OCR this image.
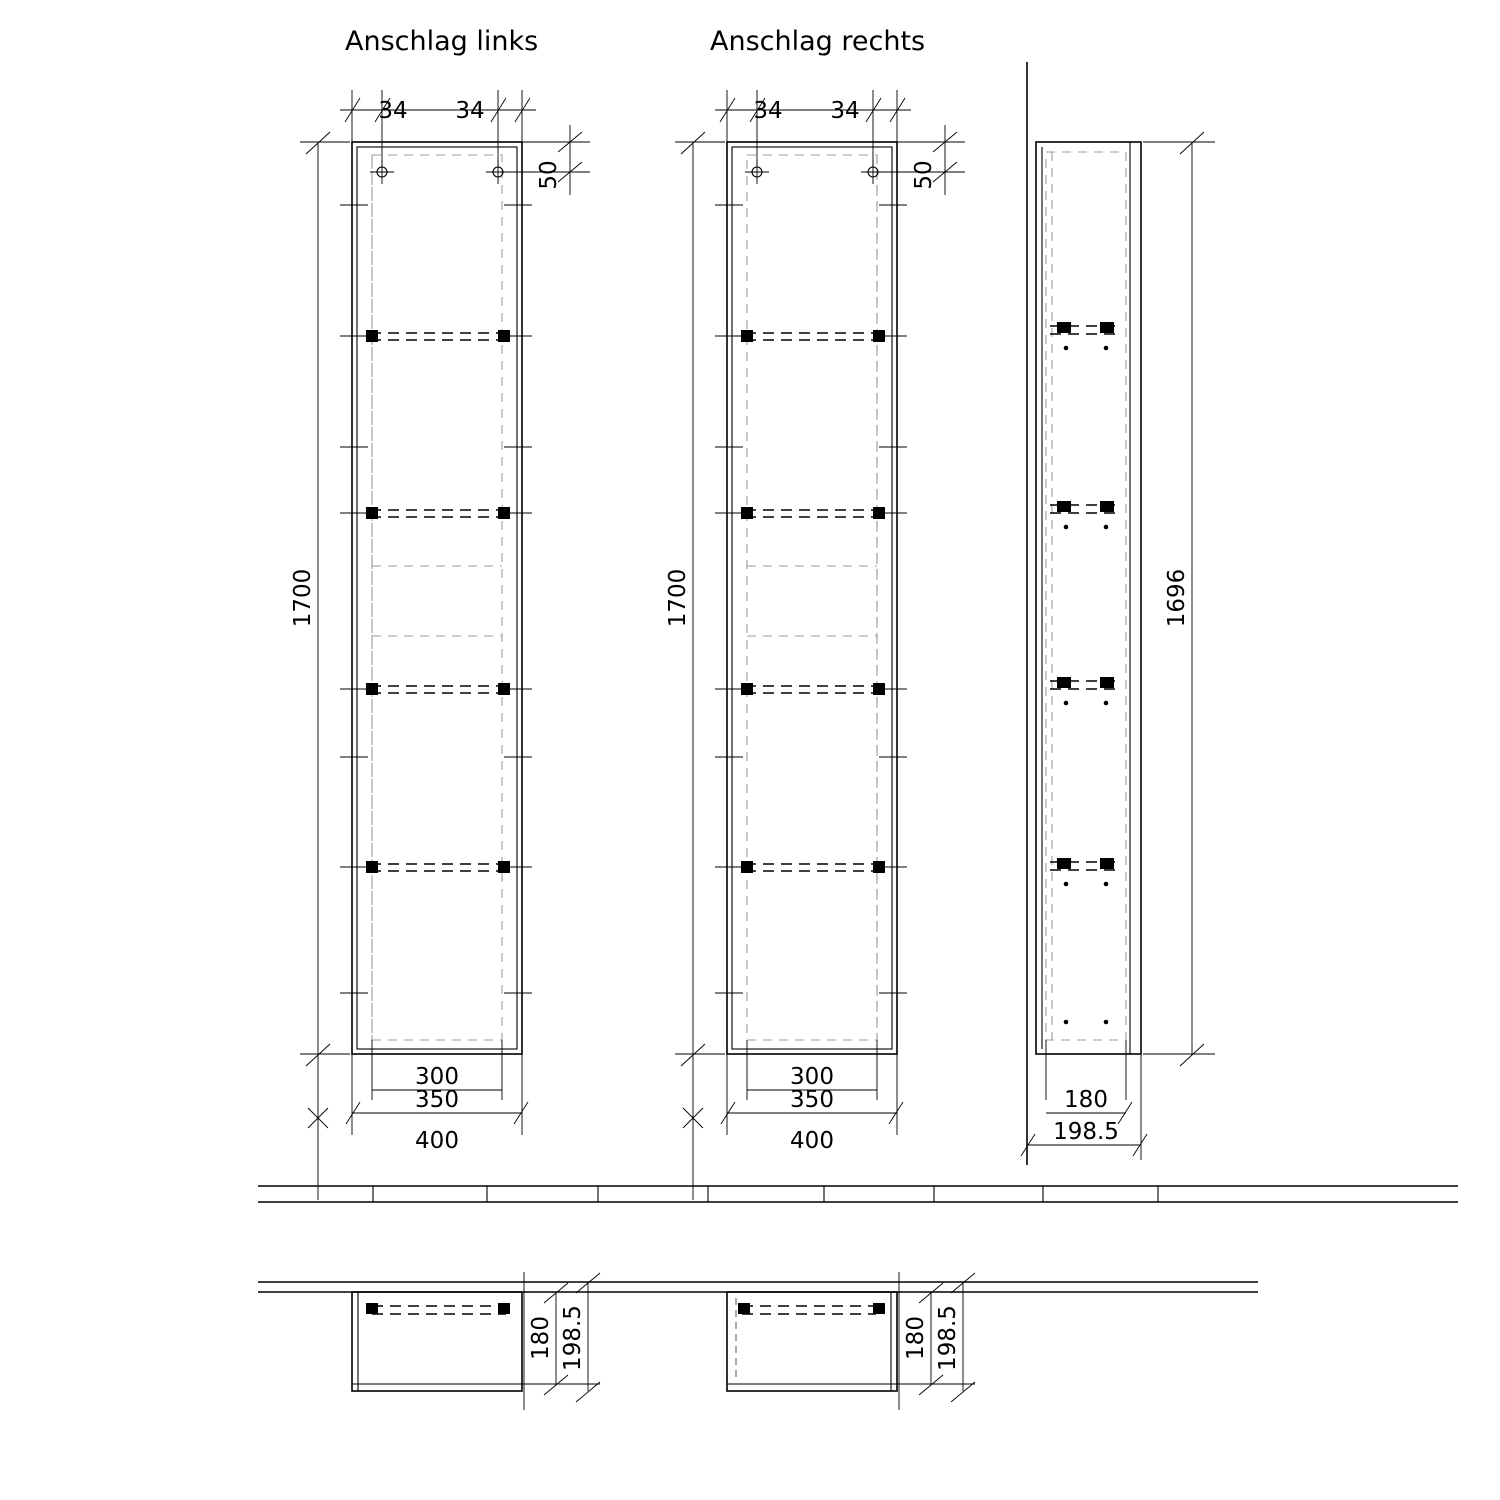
Anschlag links	Anschlag rechts
34 34
50
1700
300
350
400
34 34
50
1700
300
350
400
1696
180
198.5
180 198.5	180 198.5
